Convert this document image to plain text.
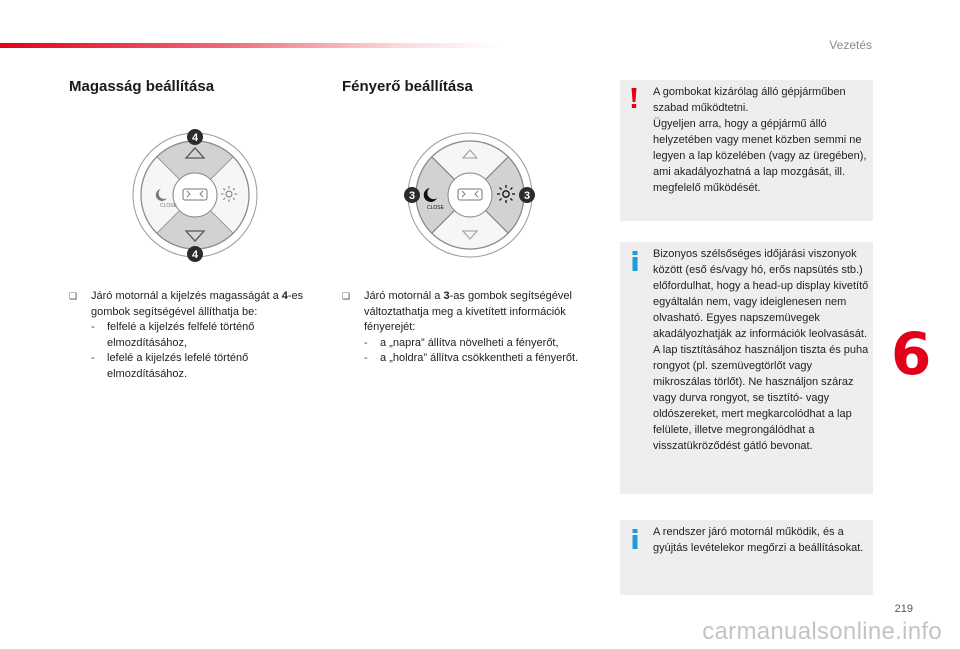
Vezetés
Magasság beállítása	Fényerő beállítása
CLOSE
4
4
CLOSE
3	3
❑ Járó motornál a kijelzés magasságát a 4-es gombok segítségével állíthatja be:
- felfelé a kijelzés felfelé történő elmozdításához,
- lefelé a kijelzés lefelé történő elmozdításához.
❑ Járó motornál a 3-as gombok segítségével változtathatja meg a kivetített információk fényerejét:
- a „napra” állítva növelheti a fényerőt,
- a „holdra” állítva csökkentheti a fényerőt.
A gombokat kizárólag álló gépjárműben szabad működtetni.
Ügyeljen arra, hogy a gépjármű álló helyzetében vagy menet közben semmi ne legyen a lap közelében (vagy az üregében), ami akadályozhatná a lap mozgását, ill. megfelelő működését.
Bizonyos szélsőséges időjárási viszonyok között (eső és/vagy hó, erős napsütés stb.) előfordulhat, hogy a head-up display kivetítő egyáltalán nem, vagy ideiglenesen nem olvasható. Egyes napszemüvegek akadályozhatják az információk leolvasását.
A lap tisztításához használjon tiszta és puha rongyot (pl. szemüvegtörlőt vagy mikroszálas törlőt). Ne használjon száraz vagy durva rongyot, se tisztító- vagy oldószereket, mert megkarcolódhat a lap felülete, illetve megrongálódhat a visszatükröződést gátló bevonat.
A rendszer járó motornál működik, és a gyújtás levételekor megőrzi a beállításokat.
6
219
carmanualsonline.info
